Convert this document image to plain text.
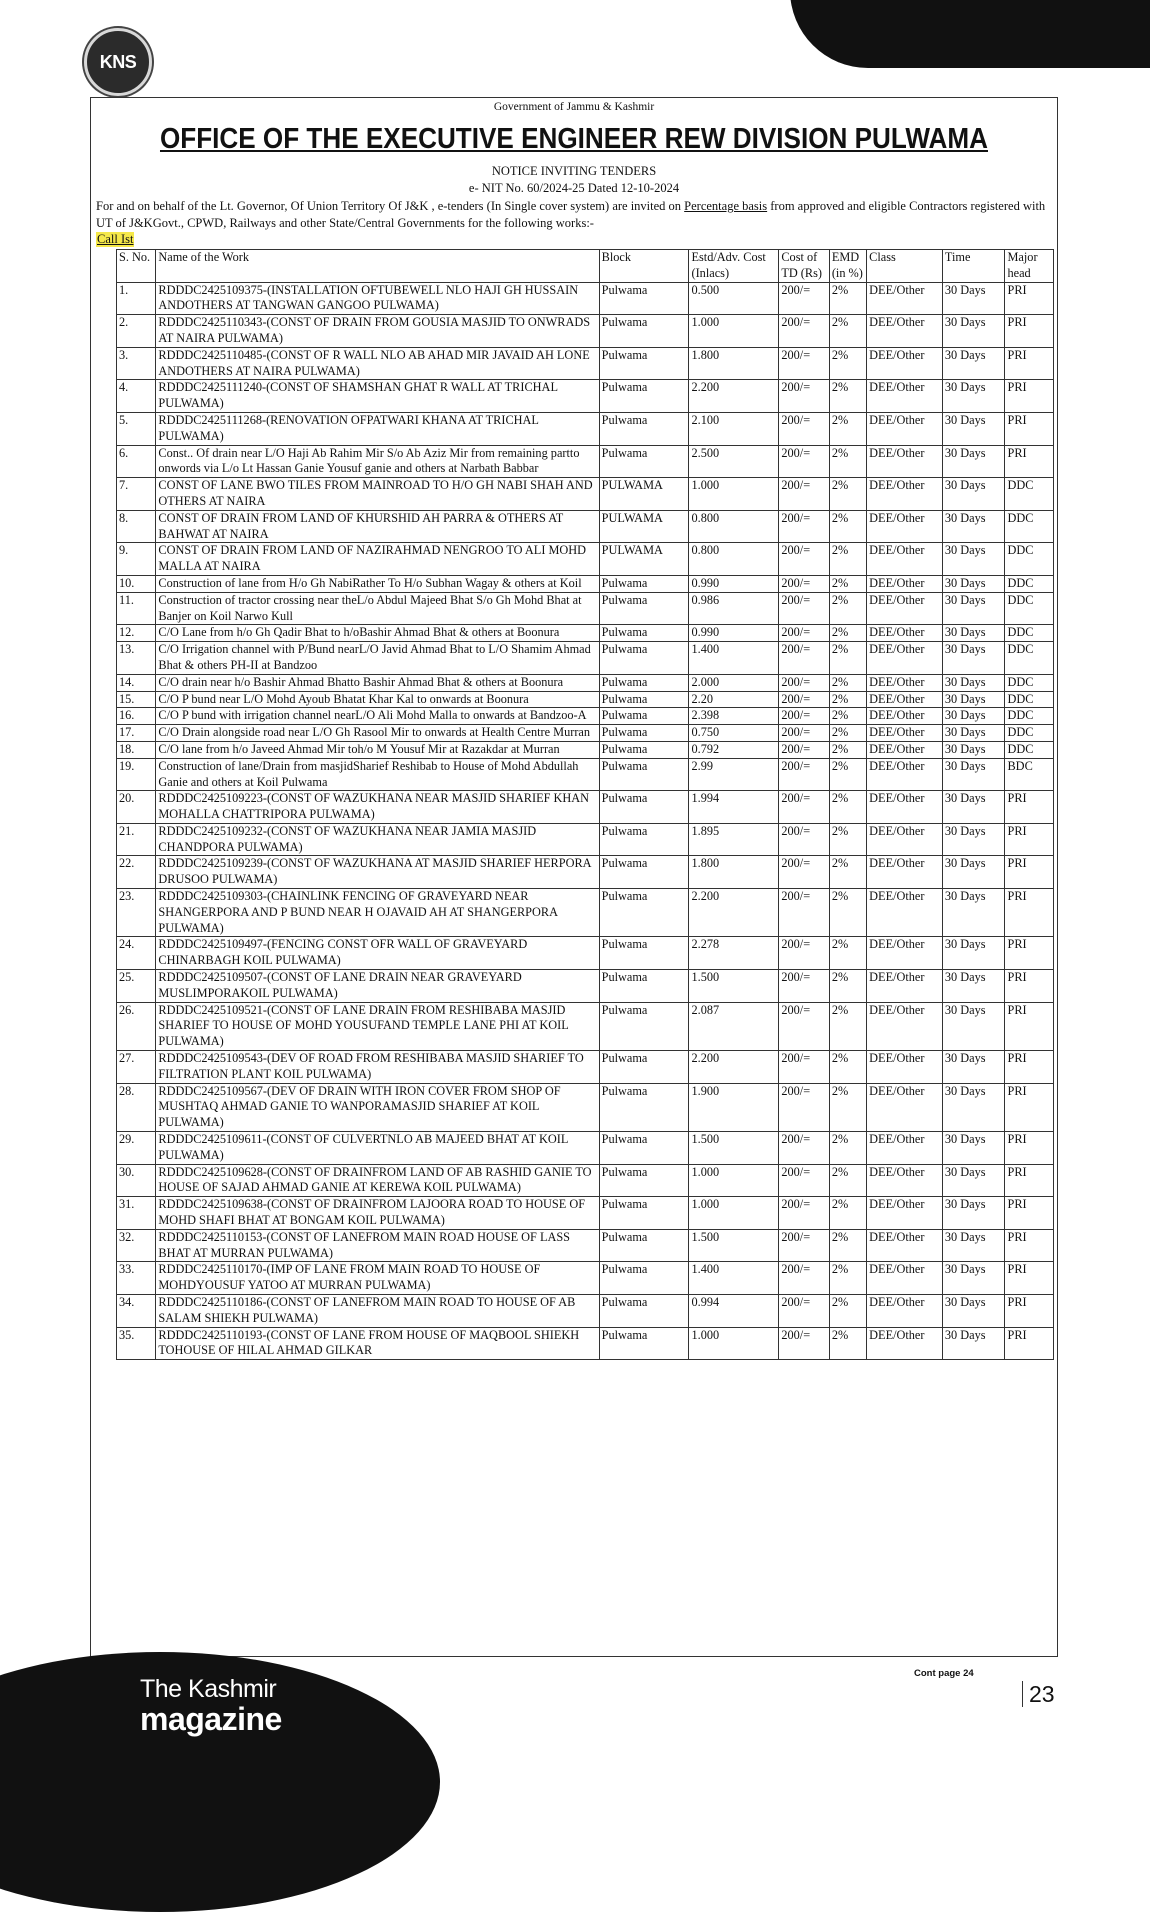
KNS
Government of Jammu & Kashmir
OFFICE OF THE EXECUTIVE ENGINEER REW DIVISION PULWAMA
NOTICE INVITING TENDERS
e- NIT No. 60/2024-25 Dated 12-10-2024
For and on behalf of the Lt. Governor, Of Union Territory Of J&K , e-tenders (In Single cover system) are invited on Percentage basis from approved and eligible Contractors registered with UT of J&KGovt., CPWD, Railways and other State/Central Governments for the following works:-
Call Ist
S. No.	Name of the Work	Block	Estd/Adv. Cost (Inlacs)	Cost of TD (Rs)	EMD (in %)	Class	Time	Major head
1.	RDDDC2425109375-(INSTALLATION OFTUBEWELL NLO HAJI GH HUSSAIN ANDOTHERS AT TANGWAN GANGOO PULWAMA)	Pulwama	0.500	200/=	2%	DEE/Other	30 Days	PRI
2.	RDDDC2425110343-(CONST OF DRAIN FROM GOUSIA MASJID TO ONWRADS AT NAIRA PULWAMA)	Pulwama	1.000	200/=	2%	DEE/Other	30 Days	PRI
3.	RDDDC2425110485-(CONST OF R WALL NLO AB AHAD MIR JAVAID AH LONE ANDOTHERS AT NAIRA PULWAMA)	Pulwama	1.800	200/=	2%	DEE/Other	30 Days	PRI
4.	RDDDC2425111240-(CONST OF SHAMSHAN GHAT R WALL AT TRICHAL PULWAMA)	Pulwama	2.200	200/=	2%	DEE/Other	30 Days	PRI
5.	RDDDC2425111268-(RENOVATION OFPATWARI KHANA AT TRICHAL PULWAMA)	Pulwama	2.100	200/=	2%	DEE/Other	30 Days	PRI
6.	Const.. Of drain near L/O Haji Ab Rahim Mir S/o Ab Aziz Mir from remaining partto onwords via L/o Lt Hassan Ganie Yousuf ganie and others at Narbath Babbar	Pulwama	2.500	200/=	2%	DEE/Other	30 Days	PRI
7.	CONST OF LANE BWO TILES FROM MAINROAD TO H/O GH NABI SHAH AND OTHERS AT NAIRA	PULWAMA	1.000	200/=	2%	DEE/Other	30 Days	DDC
8.	CONST OF DRAIN FROM LAND OF KHURSHID AH PARRA & OTHERS AT BAHWAT AT NAIRA	PULWAMA	0.800	200/=	2%	DEE/Other	30 Days	DDC
9.	CONST OF DRAIN FROM LAND OF NAZIRAHMAD NENGROO TO ALI MOHD MALLA AT NAIRA	PULWAMA	0.800	200/=	2%	DEE/Other	30 Days	DDC
10.	Construction of lane from H/o Gh NabiRather To H/o Subhan Wagay & others at Koil	Pulwama	0.990	200/=	2%	DEE/Other	30 Days	DDC
11.	Construction of tractor crossing near theL/o Abdul Majeed Bhat S/o Gh Mohd Bhat at Banjer on Koil Narwo Kull	Pulwama	0.986	200/=	2%	DEE/Other	30 Days	DDC
12.	C/O Lane from h/o Gh Qadir Bhat to h/oBashir Ahmad Bhat & others at Boonura	Pulwama	0.990	200/=	2%	DEE/Other	30 Days	DDC
13.	C/O Irrigation channel with P/Bund nearL/O Javid Ahmad Bhat to L/O Shamim Ahmad Bhat & others PH-II at Bandzoo	Pulwama	1.400	200/=	2%	DEE/Other	30 Days	DDC
14.	C/O drain near h/o Bashir Ahmad Bhatto Bashir Ahmad Bhat & others at Boonura	Pulwama	2.000	200/=	2%	DEE/Other	30 Days	DDC
15.	C/O P bund near L/O Mohd Ayoub Bhatat Khar Kal to onwards at Boonura	Pulwama	2.20	200/=	2%	DEE/Other	30 Days	DDC
16.	C/O P bund with irrigation channel nearL/O Ali Mohd Malla to onwards at Bandzoo-A	Pulwama	2.398	200/=	2%	DEE/Other	30 Days	DDC
17.	C/O Drain alongside road near L/O Gh Rasool Mir to onwards at Health Centre Murran	Pulwama	0.750	200/=	2%	DEE/Other	30 Days	DDC
18.	C/O lane from h/o Javeed Ahmad Mir toh/o M Yousuf Mir at Razakdar at Murran	Pulwama	0.792	200/=	2%	DEE/Other	30 Days	DDC
19.	Construction of lane/Drain from masjidSharief Reshibab to House of Mohd Abdullah Ganie and others at Koil Pulwama	Pulwama	2.99	200/=	2%	DEE/Other	30 Days	BDC
20.	RDDDC2425109223-(CONST OF WAZUKHANA NEAR MASJID SHARIEF KHAN MOHALLA CHATTRIPORA PULWAMA)	Pulwama	1.994	200/=	2%	DEE/Other	30 Days	PRI
21.	RDDDC2425109232-(CONST OF WAZUKHANA NEAR JAMIA MASJID CHANDPORA PULWAMA)	Pulwama	1.895	200/=	2%	DEE/Other	30 Days	PRI
22.	RDDDC2425109239-(CONST OF WAZUKHANA AT MASJID SHARIEF HERPORA DRUSOO PULWAMA)	Pulwama	1.800	200/=	2%	DEE/Other	30 Days	PRI
23.	RDDDC2425109303-(CHAINLINK FENCING OF GRAVEYARD NEAR SHANGERPORA AND P BUND NEAR H OJAVAID AH AT SHANGERPORA PULWAMA)	Pulwama	2.200	200/=	2%	DEE/Other	30 Days	PRI
24.	RDDDC2425109497-(FENCING CONST OFR WALL OF GRAVEYARD CHINARBAGH KOIL PULWAMA)	Pulwama	2.278	200/=	2%	DEE/Other	30 Days	PRI
25.	RDDDC2425109507-(CONST OF LANE DRAIN NEAR GRAVEYARD MUSLIMPORAKOIL PULWAMA)	Pulwama	1.500	200/=	2%	DEE/Other	30 Days	PRI
26.	RDDDC2425109521-(CONST OF LANE DRAIN FROM RESHIBABA MASJID SHARIEF TO HOUSE OF MOHD YOUSUFAND TEMPLE LANE PHI AT KOIL PULWAMA)	Pulwama	2.087	200/=	2%	DEE/Other	30 Days	PRI
27.	RDDDC2425109543-(DEV OF ROAD FROM RESHIBABA MASJID SHARIEF TO FILTRATION PLANT KOIL PULWAMA)	Pulwama	2.200	200/=	2%	DEE/Other	30 Days	PRI
28.	RDDDC2425109567-(DEV OF DRAIN WITH IRON COVER FROM SHOP OF MUSHTAQ AHMAD GANIE TO WANPORAMASJID SHARIEF AT KOIL PULWAMA)	Pulwama	1.900	200/=	2%	DEE/Other	30 Days	PRI
29.	RDDDC2425109611-(CONST OF CULVERTNLO AB MAJEED BHAT AT KOIL PULWAMA)	Pulwama	1.500	200/=	2%	DEE/Other	30 Days	PRI
30.	RDDDC2425109628-(CONST OF DRAINFROM LAND OF AB RASHID GANIE TO HOUSE OF SAJAD AHMAD GANIE AT KEREWA KOIL PULWAMA)	Pulwama	1.000	200/=	2%	DEE/Other	30 Days	PRI
31.	RDDDC2425109638-(CONST OF DRAINFROM LAJOORA ROAD TO HOUSE OF MOHD SHAFI BHAT AT BONGAM KOIL PULWAMA)	Pulwama	1.000	200/=	2%	DEE/Other	30 Days	PRI
32.	RDDDC2425110153-(CONST OF LANEFROM MAIN ROAD HOUSE OF LASS BHAT AT MURRAN PULWAMA)	Pulwama	1.500	200/=	2%	DEE/Other	30 Days	PRI
33.	RDDDC2425110170-(IMP OF LANE FROM MAIN ROAD TO HOUSE OF MOHDYOUSUF YATOO AT MURRAN PULWAMA)	Pulwama	1.400	200/=	2%	DEE/Other	30 Days	PRI
34.	RDDDC2425110186-(CONST OF LANEFROM MAIN ROAD TO HOUSE OF AB SALAM SHIEKH PULWAMA)	Pulwama	0.994	200/=	2%	DEE/Other	30 Days	PRI
35.	RDDDC2425110193-(CONST OF LANE FROM HOUSE OF MAQBOOL SHIEKH TOHOUSE OF HILAL AHMAD GILKAR	Pulwama	1.000	200/=	2%	DEE/Other	30 Days	PRI
Cont page 24
23
The Kashmir
magazine
